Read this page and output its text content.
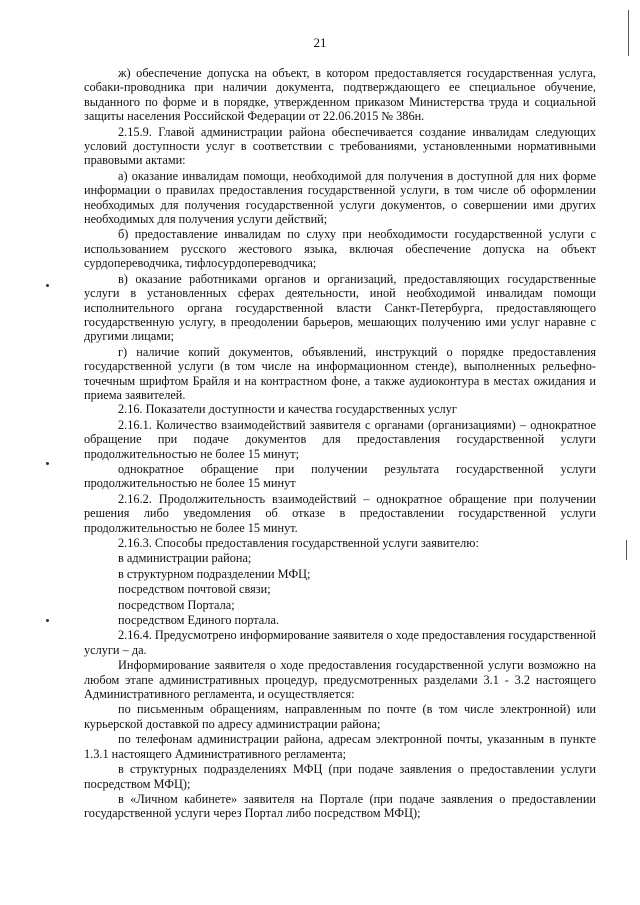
21

ж) обеспечение допуска на объект, в котором предоставляется государственная услуга, собаки-проводника при наличии документа, подтверждающего ее специальное обучение, выданного по форме и в порядке, утвержденном приказом Министерства труда и социальной защиты населения Российской Федерации от 22.06.2015 № 386н.

2.15.9. Главой администрации района обеспечивается создание инвалидам следующих условий доступности услуг в соответствии с требованиями, установленными нормативными правовыми актами:

а) оказание инвалидам помощи, необходимой для получения в доступной для них форме информации о правилах предоставления государственной услуги, в том числе об оформлении необходимых для получения государственной услуги документов, о совершении ими других необходимых для получения услуги действий;

б) предоставление инвалидам по слуху при необходимости государственной услуги с использованием русского жестового языка, включая обеспечение допуска на объект сурдопереводчика, тифлосурдопереводчика;

в) оказание работниками органов и организаций, предоставляющих государственные услуги в установленных сферах деятельности, иной необходимой инвалидам помощи исполнительного органа государственной власти Санкт-Петербурга, предоставляющего государственную услугу, в преодолении барьеров, мешающих получению ими услуг наравне с другими лицами;

г) наличие копий документов, объявлений, инструкций о порядке предоставления государственной услуги (в том числе на информационном стенде), выполненных рельефно-точечным шрифтом Брайля и на контрастном фоне, а также аудиоконтура в местах ожидания и приема заявителей.

2.16. Показатели доступности и качества государственных услуг

2.16.1. Количество взаимодействий заявителя с органами (организациями) – однократное обращение при подаче документов для предоставления государственной услуги продолжительностью не более 15 минут;

однократное обращение при получении результата государственной услуги продолжительностью не более 15 минут

2.16.2. Продолжительность взаимодействий – однократное обращение при получении решения либо уведомления об отказе в предоставлении государственной услуги продолжительностью не более 15 минут.

2.16.3. Способы предоставления государственной услуги заявителю:

в администрации района;

в структурном подразделении МФЦ;

посредством почтовой связи;

посредством Портала;

посредством Единого портала.

2.16.4. Предусмотрено информирование заявителя о ходе предоставления государственной услуги – да.

Информирование заявителя о ходе предоставления государственной услуги возможно на любом этапе административных процедур, предусмотренных разделами 3.1 - 3.2 настоящего Административного регламента, и осуществляется:

по письменным обращениям, направленным по почте (в том числе электронной) или курьерской доставкой по адресу администрации района;

по телефонам администрации района, адресам электронной почты, указанным в пункте 1.3.1 настоящего Административного регламента;

в структурных подразделениях МФЦ (при подаче заявления о предоставлении услуги посредством МФЦ);

в «Личном кабинете» заявителя на Портале (при подаче заявления о предоставлении государственной услуги через Портал либо посредством МФЦ);
